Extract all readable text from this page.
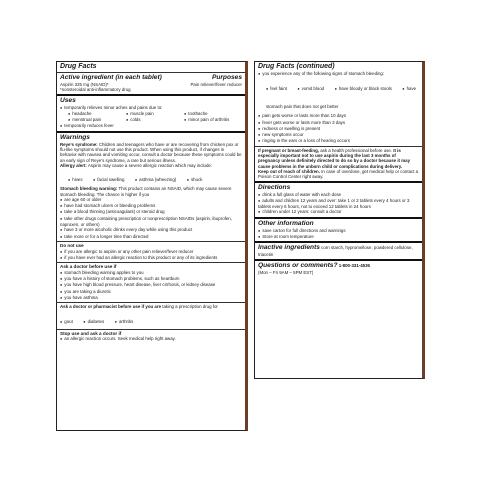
Drug Facts
Active ingredient (in each tablet)	Purposes
Aspirin 325 mg (NSAID)*	Pain reliever/fever reducer
*nonsteroidal anti-inflammatory drug
Uses
● temporarily relieves minor aches and pains due to:
● headache	● muscle pain	● toothache
● menstrual pain	● colds	● minor pain of arthritis
● temporarily reduces fever
Warnings
Reye's syndrome: Children and teenagers who have or are recovering from chicken pox or flu-like symptoms should not use this product. When using this product, if changes in behavior with nausea and vomiting occur, consult a doctor because these symptoms could be an early sign of Reye's syndrome, a rare but serious illness.
Allergy alert: Aspirin may cause a severe allergic reaction which may include:
● hives	● facial swelling	● asthma (wheezing)	● shock
Stomach bleeding warning: This product contains an NSAID, which may cause severe stomach bleeding. The chance is higher if you
● are age 60 or older
● have had stomach ulcers or bleeding problems
● take a blood thinning (anticoagulant) or steroid drug
● take other drugs containing prescription or nonprescription NSAIDs (aspirin, ibuprofen, naproxen, or others)
● have 3 or more alcoholic drinks every day while using this product
● take more or for a longer time than directed
Do not use
● if you are allergic to aspirin or any other pain reliever/fever reducer
● if you have ever had an allergic reaction to this product or any of its ingredients
Ask a doctor before use if
● stomach bleeding warning applies to you
● you have a history of stomach problems, such as heartburn
● you have high blood pressure, heart disease, liver cirrhosis, or kidney disease
● you are taking a diuretic
● you have asthma
Ask a doctor or pharmacist before use if you are taking a prescription drug for
● gout	● diabetes	● arthritis
Stop use and ask a doctor if
● an allergic reaction occurs. Seek medical help right away.
Drug Facts (continued)
● you experience any of the following signs of stomach bleeding:
● feel faint	● vomit blood	● have bloody or black stools	● have stomach pain that does not get better
● pain gets worse or lasts more than 10 days
● fever gets worse or lasts more than 3 days
● redness or swelling is present
● new symptoms occur
● ringing in the ears or a loss of hearing occurs
If pregnant or breast-feeding, ask a health professional before use. It is especially important not to use aspirin during the last 3 months of pregnancy unless definitely directed to do so by a doctor because it may cause problems in the unborn child or complications during delivery.
Keep out of reach of children. In case of overdose, get medical help or contact a Poison Control Center right away.
Directions
● drink a full glass of water with each dose
● adults and children 12 years and over: take 1 or 2 tablets every 4 hours or 3 tablets every 6 hours, not to exceed 12 tablets in 24 hours
● children under 12 years: consult a doctor
Other information
● save carton for full directions and warnings
● Store at room temperature
Inactive ingredients corn starch, hypromellose, powdered cellulose, triacetin
Questions or comments? 1-800-331-4536
(Mon – Fri 9AM – 5PM EST)
